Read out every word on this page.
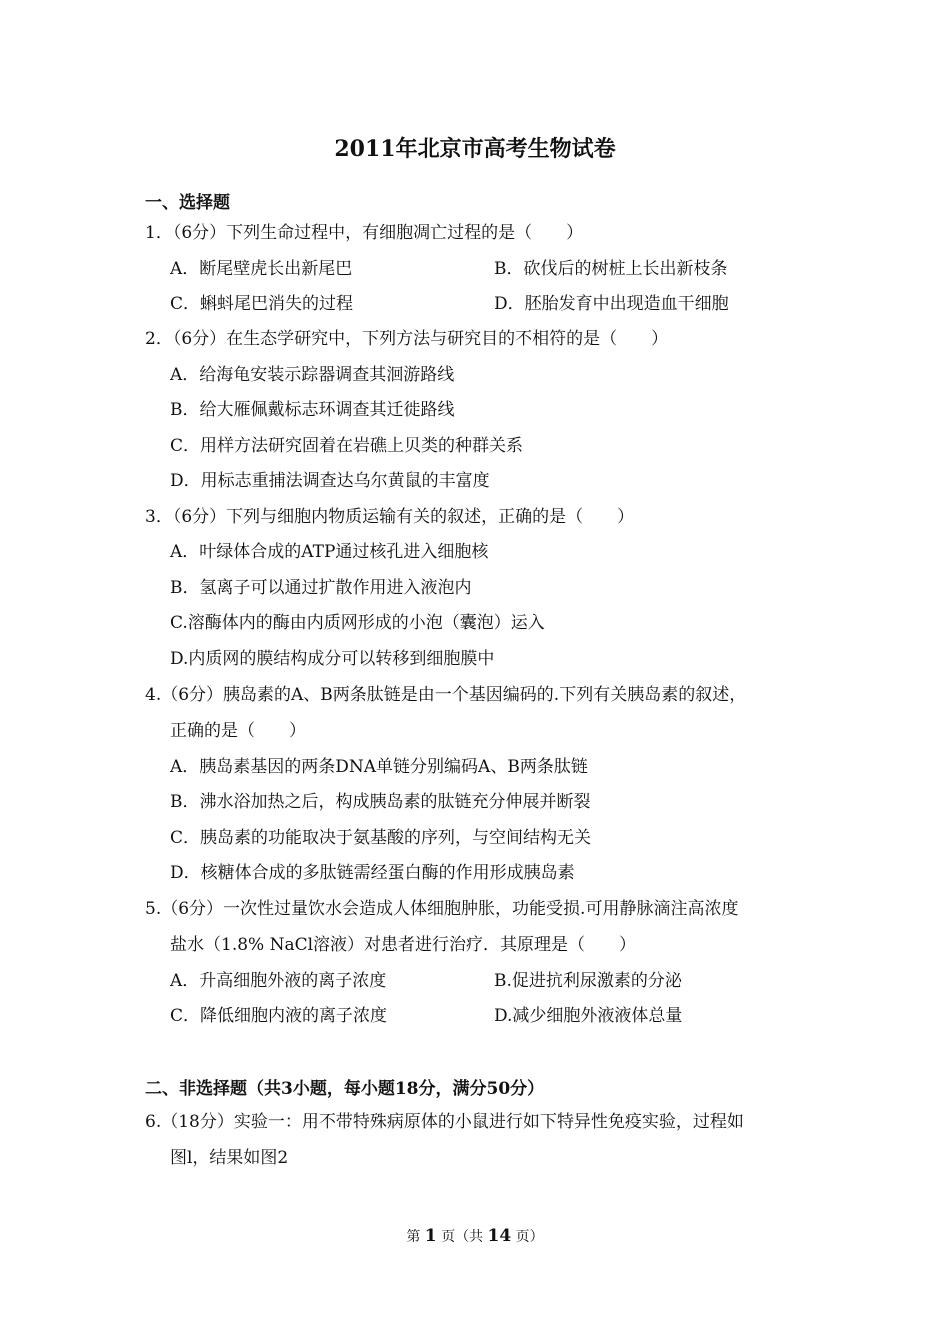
2011年北京市高考生物试卷
一、选择题
1．（6分）下列生命过程中，有细胞凋亡过程的是（　　）
A．断尾壁虎长出新尾巴	B．砍伐后的树桩上长出新枝条
C．蝌蚪尾巴消失的过程	D．胚胎发育中出现造血干细胞
2．（6分）在生态学研究中，下列方法与研究目的不相符的是（　　）
A．给海龟安装示踪器调查其洄游路线
B．给大雁佩戴标志环调查其迁徙路线
C．用样方法研究固着在岩礁上贝类的种群关系
D．用标志重捕法调查达乌尔黄鼠的丰富度
3．（6分）下列与细胞内物质运输有关的叙述，正确的是（　　）
A．叶绿体合成的ATP通过核孔进入细胞核
B．氢离子可以通过扩散作用进入液泡内
C.溶酶体内的酶由内质网形成的小泡（囊泡）运入
D.内质网的膜结构成分可以转移到细胞膜中
4.（6分）胰岛素的A、B两条肽链是由一个基因编码的.下列有关胰岛素的叙述，
正确的是（　　）
A．胰岛素基因的两条DNA单链分别编码A、B两条肽链
B．沸水浴加热之后，构成胰岛素的肽链充分伸展并断裂
C．胰岛素的功能取决于氨基酸的序列，与空间结构无关
D．核糖体合成的多肽链需经蛋白酶的作用形成胰岛素
5.（6分）一次性过量饮水会造成人体细胞肿胀，功能受损.可用静脉滴注高浓度
盐水（1.8% NaCl溶液）对患者进行治疗．其原理是（　　）
A．升高细胞外液的离子浓度	B.促进抗利尿激素的分泌
C．降低细胞内液的离子浓度	D.减少细胞外液液体总量
二、非选择题（共3小题，每小题18分，满分50分）
6.（18分）实验一：用不带特殊病原体的小鼠进行如下特异性免疫实验，过程如
图l，结果如图2
第 1 页（共 14 页）
